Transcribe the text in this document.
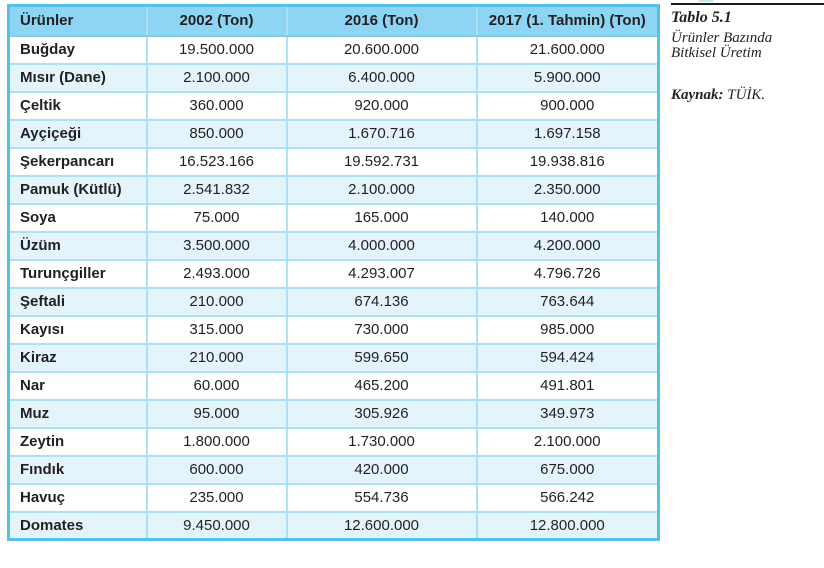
Ürünler	2002 (Ton)	2016 (Ton)	2017 (1. Tahmin) (Ton)
Buğday	19.500.000	20.600.000	21.600.000
Mısır (Dane)	2.100.000	6.400.000	5.900.000
Çeltik	360.000	920.000	900.000
Ayçiçeği	850.000	1.670.716	1.697.158
Şekerpancarı	16.523.166	19.592.731	19.938.816
Pamuk (Kütlü)	2.541.832	2.100.000	2.350.000
Soya	75.000	165.000	140.000
Üzüm	3.500.000	4.000.000	4.200.000
Turunçgiller	2.493.000	4.293.007	4.796.726
Şeftali	210.000	674.136	763.644
Kayısı	315.000	730.000	985.000
Kiraz	210.000	599.650	594.424
Nar	60.000	465.200	491.801
Muz	95.000	305.926	349.973
Zeytin	1.800.000	1.730.000	2.100.000
Fındık	600.000	420.000	675.000
Havuç	235.000	554.736	566.242
Domates	9.450.000	12.600.000	12.800.000
Tablo 5.1
Ürünler Bazında
Bitkisel Üretim
Kaynak: TÜİK.
